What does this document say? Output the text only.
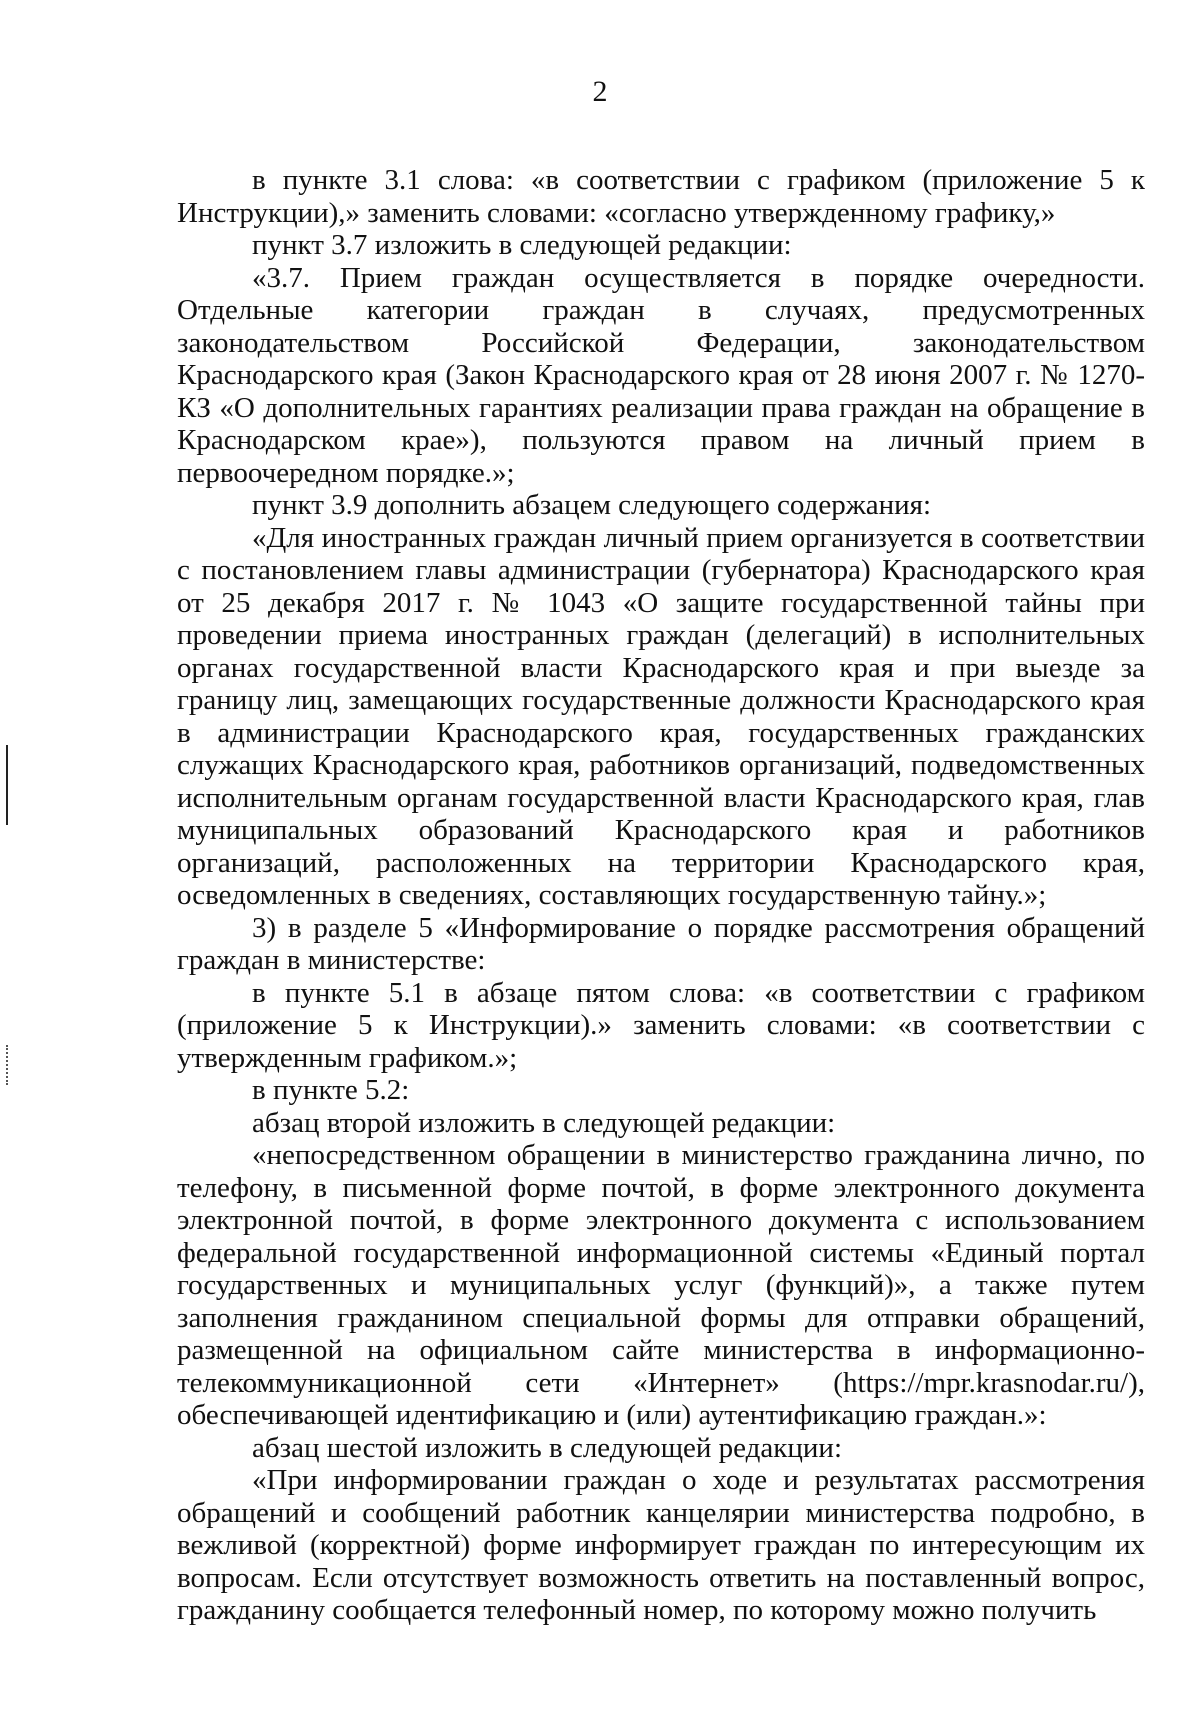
2

в пункте 3.1 слова: «в соответствии с графиком (приложение 5 к Инструкции),» заменить словами: «согласно утвержденному графику,»

пункт 3.7 изложить в следующей редакции:

«3.7. Прием граждан осуществляется в порядке очередности. Отдельные категории граждан в случаях, предусмотренных законодательством Российской Федерации, законодательством Краснодарского края (Закон Краснодарского края от 28 июня 2007 г. № 1270-КЗ «О дополнительных гарантиях реализации права граждан на обращение в Краснодарском крае»), пользуются правом на личный прием в первоочередном порядке.»;

пункт 3.9 дополнить абзацем следующего содержания:

«Для иностранных граждан личный прием организуется в соответствии с постановлением главы администрации (губернатора) Краснодарского края от 25 декабря 2017 г. № 1043 «О защите государственной тайны при проведении приема иностранных граждан (делегаций) в исполнительных органах государственной власти Краснодарского края и при выезде за границу лиц, замещающих государственные должности Краснодарского края в администрации Краснодарского края, государственных гражданских служащих Краснодарского края, работников организаций, подведомственных исполнительным органам государственной власти Краснодарского края, глав муниципальных образований Краснодарского края и работников организаций, расположенных на территории Краснодарского края, осведомленных в сведениях, составляющих государственную тайну.»;

3) в разделе 5 «Информирование о порядке рассмотрения обращений граждан в министерстве:

в пункте 5.1 в абзаце пятом слова: «в соответствии с графиком (приложение 5 к Инструкции).» заменить словами: «в соответствии с утвержденным графиком.»;

в пункте 5.2:

абзац второй изложить в следующей редакции:

«непосредственном обращении в министерство гражданина лично, по телефону, в письменной форме почтой, в форме электронного документа электронной почтой, в форме электронного документа с использованием федеральной государственной информационной системы «Единый портал государственных и муниципальных услуг (функций)», а также путем заполнения гражданином специальной формы для отправки обращений, размещенной на официальном сайте министерства в информационно-телекоммуникационной сети «Интернет» (https://mpr.krasnodar.ru/), обеспечивающей идентификацию и (или) аутентификацию граждан.»:

абзац шестой изложить в следующей редакции:

«При информировании граждан о ходе и результатах рассмотрения обращений и сообщений работник канцелярии министерства подробно, в вежливой (корректной) форме информирует граждан по интересующим их вопросам. Если отсутствует возможность ответить на поставленный вопрос, гражданину сообщается телефонный номер, по которому можно получить
